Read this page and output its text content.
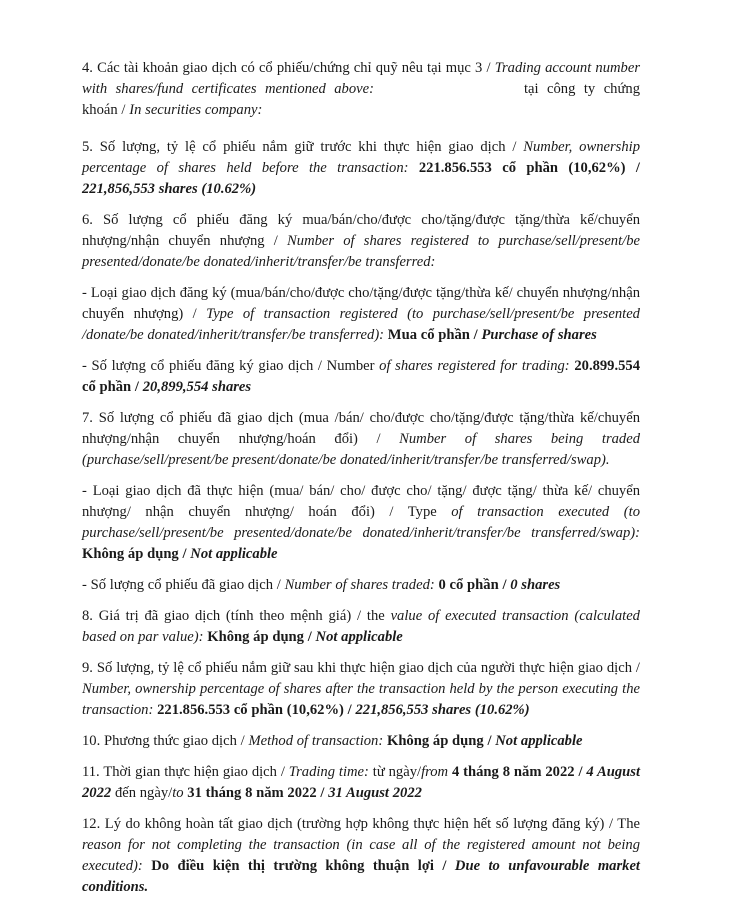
4. Các tài khoản giao dịch có cổ phiếu/chứng chỉ quỹ nêu tại mục 3 / Trading account number with shares/fund certificates mentioned above:	tại công ty chứng khoán / In securities company:

5. Số lượng, tỷ lệ cổ phiếu nắm giữ trước khi thực hiện giao dịch / Number, ownership percentage of shares held before the transaction: 221.856.553 cổ phần (10,62%) / 221,856,553 shares (10.62%)

6. Số lượng cổ phiếu đăng ký mua/bán/cho/được cho/tặng/được tặng/thừa kế/chuyển nhượng/nhận chuyển nhượng / Number of shares registered to purchase/sell/present/be presented/donate/be donated/inherit/transfer/be transferred:

- Loại giao dịch đăng ký (mua/bán/cho/được cho/tặng/được tặng/thừa kế/ chuyển nhượng/nhận chuyển nhượng) / Type of transaction registered (to purchase/sell/present/be presented /donate/be donated/inherit/transfer/be transferred): Mua cổ phần / Purchase of shares

- Số lượng cổ phiếu đăng ký giao dịch / Number of shares registered for trading: 20.899.554 cổ phần / 20,899,554 shares

7. Số lượng cổ phiếu đã giao dịch (mua /bán/ cho/được cho/tặng/được tặng/thừa kế/chuyển nhượng/nhận chuyển nhượng/hoán đổi) / Number of shares being traded (purchase/sell/present/be present/donate/be donated/inherit/transfer/be transferred/swap).

- Loại giao dịch đã thực hiện (mua/ bán/ cho/ được cho/ tặng/ được tặng/ thừa kế/ chuyển nhượng/ nhận chuyển nhượng/ hoán đổi) / Type of transaction executed (to purchase/sell/present/be presented/donate/be donated/inherit/transfer/be transferred/swap): Không áp dụng / Not applicable

- Số lượng cổ phiếu đã giao dịch / Number of shares traded: 0 cổ phần / 0 shares

8. Giá trị đã giao dịch (tính theo mệnh giá) / the value of executed transaction (calculated based on par value): Không áp dụng / Not applicable

9. Số lượng, tỷ lệ cổ phiếu nắm giữ sau khi thực hiện giao dịch của người thực hiện giao dịch / Number, ownership percentage of shares after the transaction held by the person executing the transaction: 221.856.553 cổ phần (10,62%) / 221,856,553 shares (10.62%)

10. Phương thức giao dịch / Method of transaction: Không áp dụng / Not applicable

11. Thời gian thực hiện giao dịch / Trading time: từ ngày/from 4 tháng 8 năm 2022 / 4 August 2022 đến ngày/to 31 tháng 8 năm 2022 / 31 August 2022

12. Lý do không hoàn tất giao dịch (trường hợp không thực hiện hết số lượng đăng ký) / The reason for not completing the transaction (in case all of the registered amount not being executed): Do điều kiện thị trường không thuận lợi / Due to unfavourable market conditions.
